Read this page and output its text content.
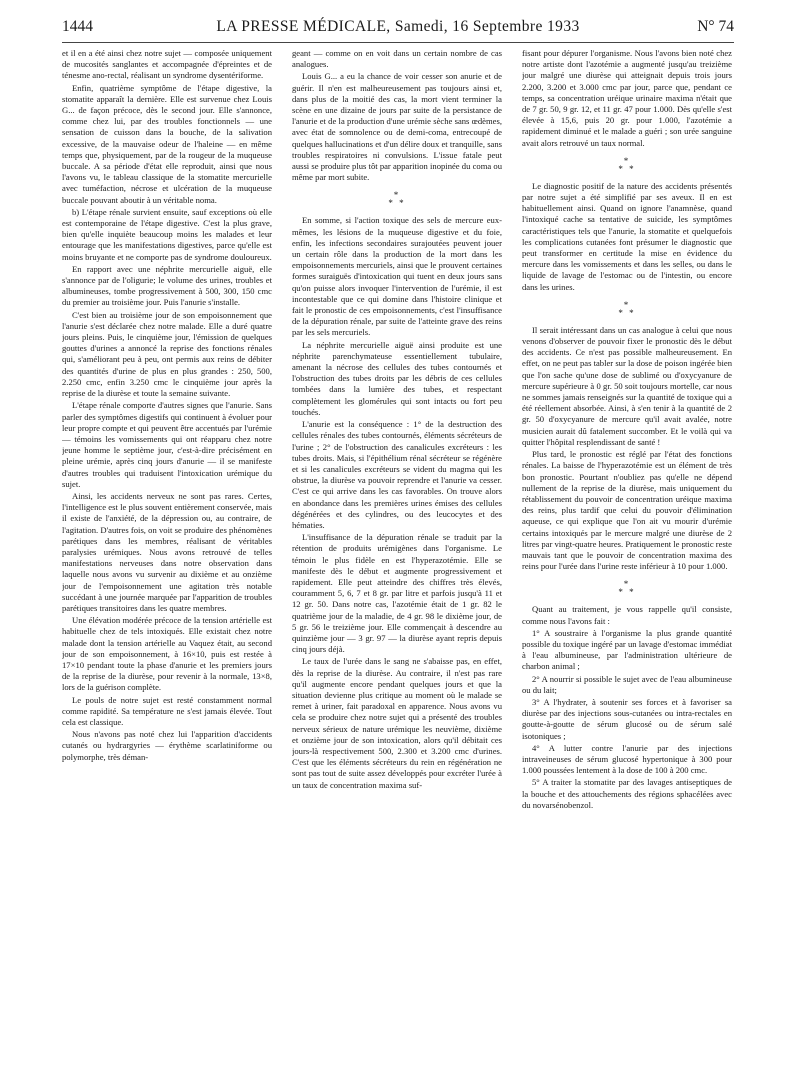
1444	LA PRESSE MÉDICALE, Samedi, 16 Septembre 1933	N° 74

et il en a été ainsi chez notre sujet — composée uniquement de mucosités sanglantes et accompagnée d'épreintes et de ténesme ano-rectal, réalisant un syndrome dysentériforme.

Enfin, quatrième symptôme de l'étape digestive, la stomatite apparaît la dernière. Elle est survenue chez Louis G... de façon précoce, dès le second jour. Elle s'annonce, comme chez lui, par des troubles fonctionnels — une sensation de cuisson dans la bouche, de la salivation excessive, de la mauvaise odeur de l'haleine — en même temps que, physiquement, par de la rougeur de la muqueuse buccale. A sa période d'état elle reproduit, ainsi que nous l'avons vu, le tableau classique de la stomatite mercurielle avec tuméfaction, nécrose et ulcération de la muqueuse buccale pouvant aboutir à un véritable noma.

b) L'étape rénale survient ensuite, sauf exceptions où elle est contemporaine de l'étape digestive. C'est la plus grave, bien qu'elle inquiète beaucoup moins les malades et leur entourage que les manifestations digestives, parce qu'elle est moins bruyante et ne comporte pas de syndrome douloureux.

En rapport avec une néphrite mercurielle aiguë, elle s'annonce par de l'oligurie; le volume des urines, troubles et albumineuses, tombe progressivement à 500, 300, 150 cmc du premier au troisième jour. Puis l'anurie s'installe.

C'est bien au troisième jour de son empoisonnement que l'anurie s'est déclarée chez notre malade. Elle a duré quatre jours pleins. Puis, le cinquième jour, l'émission de quelques gouttes d'urines a annoncé la reprise des fonctions rénales qui, s'améliorant peu à peu, ont permis aux reins de débiter des quantités d'urine de plus en plus grandes : 250, 500, 2.250 cmc, enfin 3.250 cmc le cinquième jour après la reprise de la diurèse et toute la semaine suivante.

L'étape rénale comporte d'autres signes que l'anurie. Sans parler des symptômes digestifs qui continuent à évoluer pour leur propre compte et qui peuvent être accentués par l'urémie — témoins les vomissements qui ont réapparu chez notre jeune homme le septième jour, c'est-à-dire précisément en pleine urémie, après cinq jours d'anurie — il se manifeste d'autres troubles qui traduisent l'intoxication urémique du sujet.

Ainsi, les accidents nerveux ne sont pas rares. Certes, l'intelligence est le plus souvent entièrement conservée, mais il existe de l'anxiété, de la dépression ou, au contraire, de l'agitation. D'autres fois, on voit se produire des phénomènes parétiques dans les membres, réalisant de véritables paralysies urémiques. Nous avons retrouvé de telles manifestations nerveuses dans notre observation dans laquelle nous avons vu survenir au dixième et au onzième jour de l'empoisonnement une agitation très notable succédant à une journée marquée par l'apparition de troubles parétiques transitoires dans les quatre membres.

Une élévation modérée précoce de la tension artérielle est habituelle chez de tels intoxiqués. Elle existait chez notre malade dont la tension artérielle au Vaquez était, au second jour de son empoisonnement, à 16×10, puis est restée à 17×10 pendant toute la phase d'anurie et les premiers jours de la reprise de la diurèse, pour revenir à la normale, 13×8, lors de la guérison complète.

Le pouls de notre sujet est resté constamment normal comme rapidité. Sa température ne s'est jamais élevée. Tout cela est classique.

Nous n'avons pas noté chez lui l'apparition d'accidents cutanés ou hydrargyries — érythème scarlatiniforme ou polymorphe, très déman-

geant — comme on en voit dans un certain nombre de cas analogues.

Louis G... a eu la chance de voir cesser son anurie et de guérir. Il n'en est malheureusement pas toujours ainsi et, dans plus de la moitié des cas, la mort vient terminer la scène en une dizaine de jours par suite de la persistance de l'anurie et de la production d'une urémie sèche sans œdèmes, avec état de somnolence ou de demi-coma, entrecoupé de quelques hallucinations et d'un délire doux et tranquille, sans troubles respiratoires ni convulsions. L'issue fatale peut aussi se produire plus tôt par apparition inopinée du coma ou même par mort subite.

*
* *

En somme, si l'action toxique des sels de mercure eux-mêmes, les lésions de la muqueuse digestive et du foie, enfin, les infections secondaires surajoutées peuvent jouer un certain rôle dans la production de la mort dans les empoisonnements mercuriels, ainsi que le prouvent certaines formes suraiguës d'intoxication qui tuent en deux jours sans qu'on puisse alors invoquer l'intervention de l'urémie, il est incontestable que ce qui domine dans l'histoire clinique et fait le pronostic de ces empoisonnements, c'est l'insuffisance de la dépuration rénale, par suite de l'atteinte grave des reins par les sels mercuriels.

La néphrite mercurielle aiguë ainsi produite est une néphrite parenchymateuse essentiellement tubulaire, amenant la nécrose des cellules des tubes contournés et l'obstruction des tubes droits par les débris de ces cellules tombées dans la lumière des tubes, et respectant complètement les glomérules qui sont intacts ou fort peu touchés.

L'anurie est la conséquence : 1° de la destruction des cellules rénales des tubes contournés, éléments sécréteurs de l'urine ; 2° de l'obstruction des canalicules excréteurs : les tubes droits. Mais, si l'épithélium rénal sécréteur se régénère et si les canalicules excréteurs se vident du magma qui les obstrue, la diurèse va pouvoir reprendre et l'anurie va cesser. C'est ce qui arrive dans les cas favorables. On trouve alors en abondance dans les premières urines émises des cellules dégénérées et des cylindres, ou des leucocytes et des hématies.

L'insuffisance de la dépuration rénale se traduit par la rétention de produits urémigènes dans l'organisme. Le témoin le plus fidèle en est l'hyperazotémie. Elle se manifeste dès le début et augmente progressivement et rapidement. Elle peut atteindre des chiffres très élevés, couramment 5, 6, 7 et 8 gr. par litre et parfois jusqu'à 11 et 12 gr. 50. Dans notre cas, l'azotémie était de 1 gr. 82 le quatrième jour de la maladie, de 4 gr. 98 le dixième jour, de 5 gr. 56 le treizième jour. Elle commençait à descendre au quinzième jour — 3 gr. 97 — la diurèse ayant repris depuis cinq jours déjà.

Le taux de l'urée dans le sang ne s'abaisse pas, en effet, dès la reprise de la diurèse. Au contraire, il n'est pas rare qu'il augmente encore pendant quelques jours et que la situation devienne plus critique au moment où le malade se remet à uriner, fait paradoxal en apparence. Nous avons vu cela se produire chez notre sujet qui a présenté des troubles nerveux sérieux de nature urémique les neuvième, dixième et onzième jour de son intoxication, alors qu'il débitait ces jours-là respectivement 500, 2.300 et 3.200 cmc d'urines. C'est que les éléments sécréteurs du rein en régénération ne sont pas tout de suite assez développés pour excréter l'urée à un taux de concentration maxima suf-

fisant pour dépurer l'organisme. Nous l'avons bien noté chez notre artiste dont l'azotémie a augmenté jusqu'au treizième jour malgré une diurèse qui atteignait depuis trois jours 2.200, 3.200 et 3.000 cmc par jour, parce que, pendant ce temps, sa concentration uréique urinaire maxima n'était que de 7 gr. 50, 9 gr. 12, et 11 gr. 47 pour 1.000. Dès qu'elle s'est élevée à 15,6, puis 20 gr. pour 1.000, l'azotémie a rapidement diminué et le malade a guéri ; son urée sanguine avait alors retrouvé un taux normal.

*
* *

Le diagnostic positif de la nature des accidents présentés par notre sujet a été simplifié par ses aveux. Il en est habituellement ainsi. Quand on ignore l'anamnèse, quand l'intoxiqué cache sa tentative de suicide, les symptômes caractéristiques tels que l'anurie, la stomatite et quelquefois les complications cutanées font présumer le diagnostic que peut transformer en certitude la mise en évidence du mercure dans les vomissements et dans les selles, ou dans le liquide de lavage de l'estomac ou de l'intestin, ou encore dans les urines.

*
* *

Il serait intéressant dans un cas analogue à celui que nous venons d'observer de pouvoir fixer le pronostic dès le début des accidents. Ce n'est pas possible malheureusement. En effet, on ne peut pas tabler sur la dose de poison ingérée bien que l'on sache qu'une dose de sublimé ou d'oxycyanure de mercure supérieure à 0 gr. 50 soit toujours mortelle, car nous ne sommes jamais renseignés sur la quantité de toxique qui a été réellement absorbée. Ainsi, à s'en tenir à la quantité de 2 gr. 50 d'oxycyanure de mercure qu'il avait avalée, notre musicien aurait dû fatalement succomber. Et le voilà qui va quitter l'hôpital resplendissant de santé !

Plus tard, le pronostic est réglé par l'état des fonctions rénales. La baisse de l'hyperazotémie est un élément de très bon pronostic. Pourtant n'oubliez pas qu'elle ne dépend nullement de la reprise de la diurèse, mais uniquement du rétablissement du pouvoir de concentration uréique maxima des reins, plus tardif que celui du pouvoir d'élimination aqueuse, ce qui explique que l'on ait vu mourir d'urémie certains intoxiqués par le mercure malgré une diurèse de 2 litres par vingt-quatre heures. Pratiquement le pronostic reste mauvais tant que le pouvoir de concentration maxima des reins pour l'urée dans l'urine reste inférieur à 10 pour 1.000.

*
* *

Quant au traitement, je vous rappelle qu'il consiste, comme nous l'avons fait :

1° A soustraire à l'organisme la plus grande quantité possible du toxique ingéré par un lavage d'estomac immédiat à l'eau albumineuse, par l'administration ultérieure de charbon animal ;

2° A nourrir si possible le sujet avec de l'eau albumineuse ou du lait;

3° A l'hydrater, à soutenir ses forces et à favoriser sa diurèse par des injections sous-cutanées ou intra-rectales en goutte-à-goutte de sérum glucosé ou de sérum salé isotoniques ;

4° A lutter contre l'anurie par des injections intraveineuses de sérum glucosé hypertonique à 300 pour 1.000 poussées lentement à la dose de 100 à 200 cmc.

5° A traiter la stomatite par des lavages antiseptiques de la bouche et des attouchements des régions sphacélées avec du novarsénobenzol.
